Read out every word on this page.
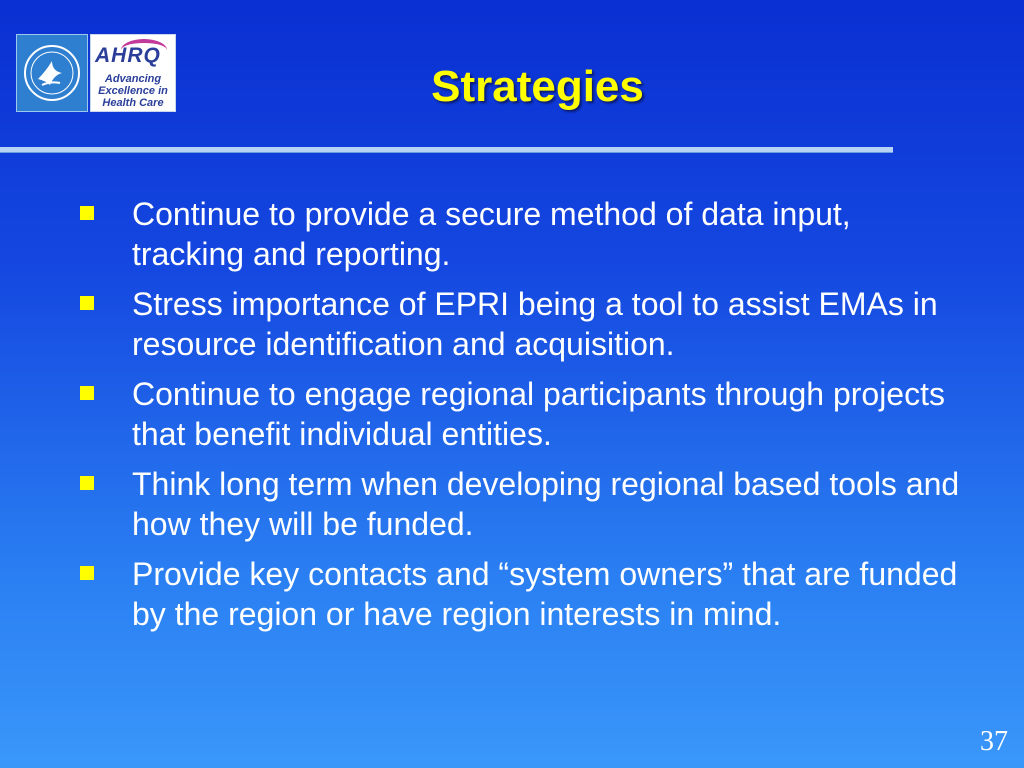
AHRQ
Advancing
Excellence in
Health Care	Strategies
Continue to provide a secure method of data input, tracking and reporting.
Stress importance of EPRI being a tool to assist EMAs in resource identification and acquisition.
Continue to engage regional participants through projects that benefit individual entities.
Think long term when developing regional based tools and how they will be funded.
Provide key contacts and “system owners” that are funded by the region or have region interests in mind.
37
